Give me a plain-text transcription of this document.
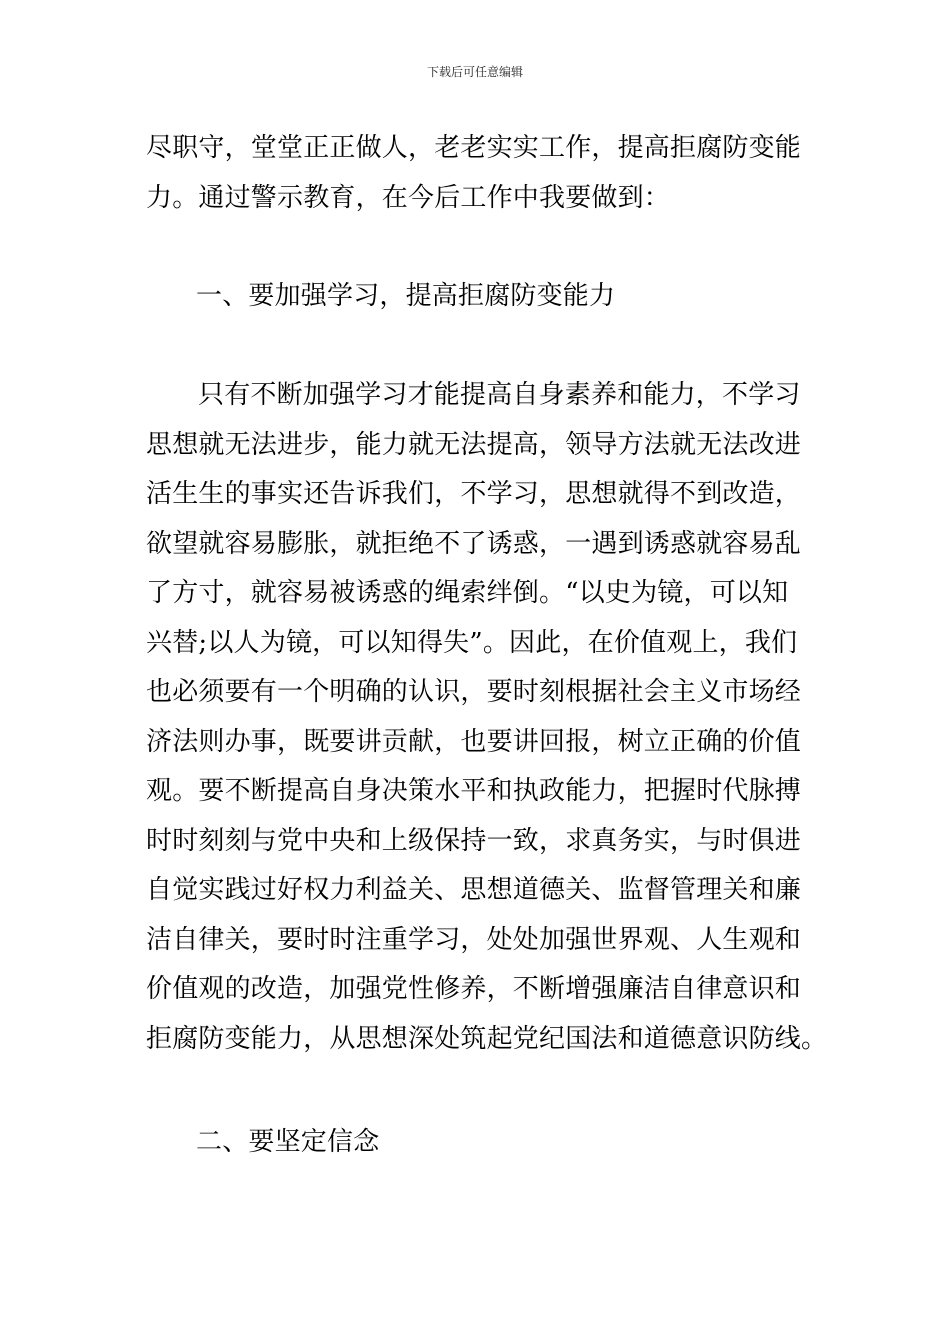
下载后可任意编辑
尽职守，堂堂正正做人，老老实实工作，提高拒腐防变能
力。通过警示教育，在今后工作中我要做到：
一、要加强学习，提高拒腐防变能力
只有不断加强学习才能提高自身素养和能力，不学习
思想就无法进步，能力就无法提高，领导方法就无法改进
活生生的事实还告诉我们，不学习，思想就得不到改造，
欲望就容易膨胀，就拒绝不了诱惑，一遇到诱惑就容易乱
了方寸，就容易被诱惑的绳索绊倒。“以史为镜，可以知
兴替;以人为镜，可以知得失”。因此，在价值观上，我们
也必须要有一个明确的认识，要时刻根据社会主义市场经
济法则办事，既要讲贡献，也要讲回报，树立正确的价值
观。要不断提高自身决策水平和执政能力，把握时代脉搏
时时刻刻与党中央和上级保持一致，求真务实，与时俱进
自觉实践过好权力利益关、思想道德关、监督管理关和廉
洁自律关，要时时注重学习，处处加强世界观、人生观和
价值观的改造，加强党性修养，不断增强廉洁自律意识和
拒腐防变能力，从思想深处筑起党纪国法和道德意识防线。
二、要坚定信念
